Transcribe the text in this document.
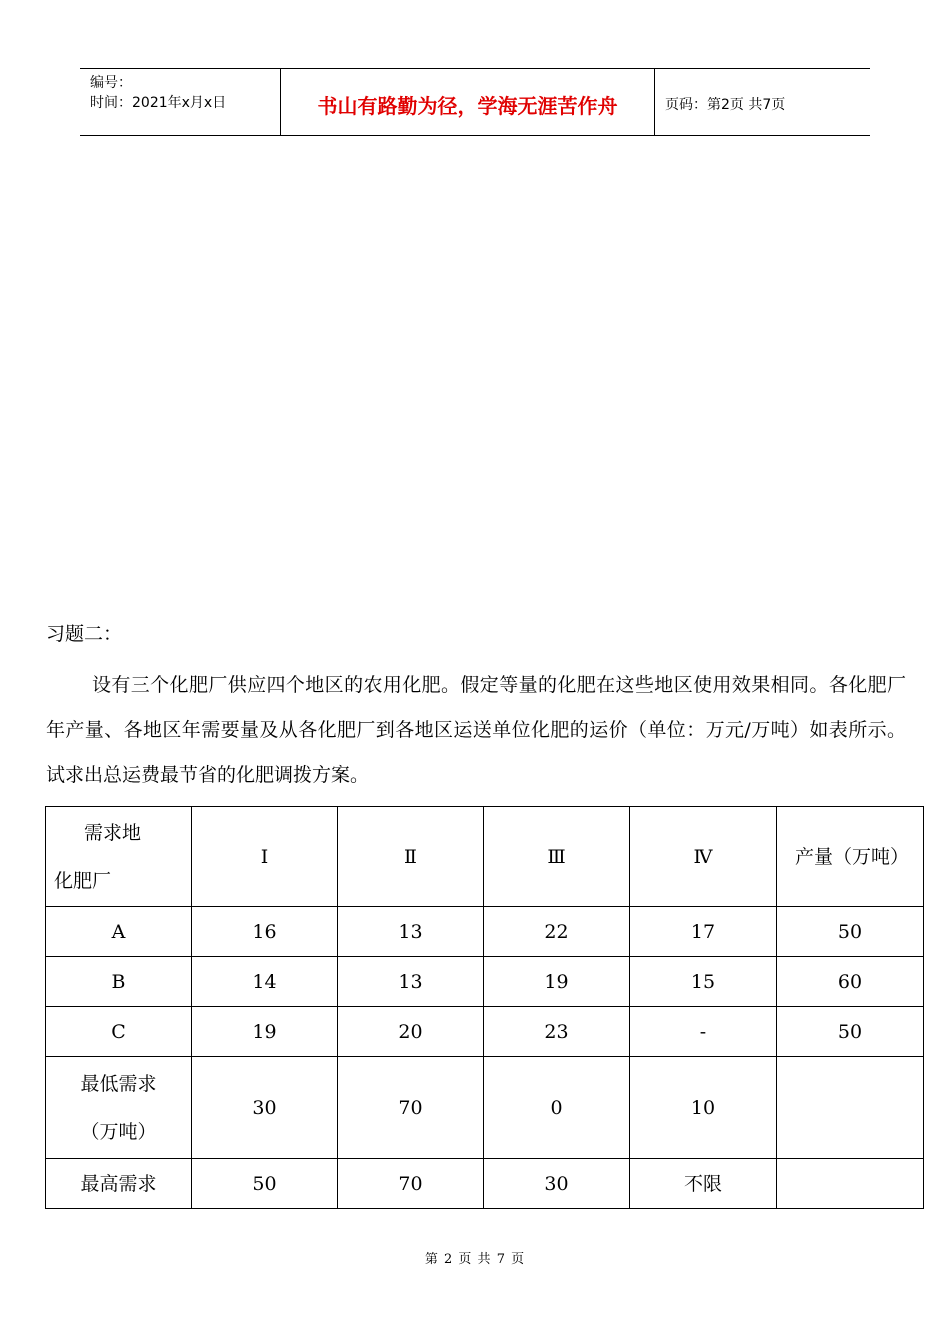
编号：
时间：2021年x月x日	书山有路勤为径，学海无涯苦作舟	页码：第2页 共7页
习题二：
设有三个化肥厂供应四个地区的农用化肥。假定等量的化肥在这些地区使用效果相同。各化肥厂年产量、各地区年需要量及从各化肥厂到各地区运送单位化肥的运价（单位：万元/万吨）如表所示。试求出总运费最节省的化肥调拨方案。
需求地
化肥厂	Ⅰ	Ⅱ	Ⅲ	Ⅳ	产量（万吨）
A	16	13	22	17	50
B	14	13	19	15	60
C	19	20	23	-	50
最低需求（万吨）	30	70	0	10	
最高需求	50	70	30	不限	
第 2 页 共 7 页
